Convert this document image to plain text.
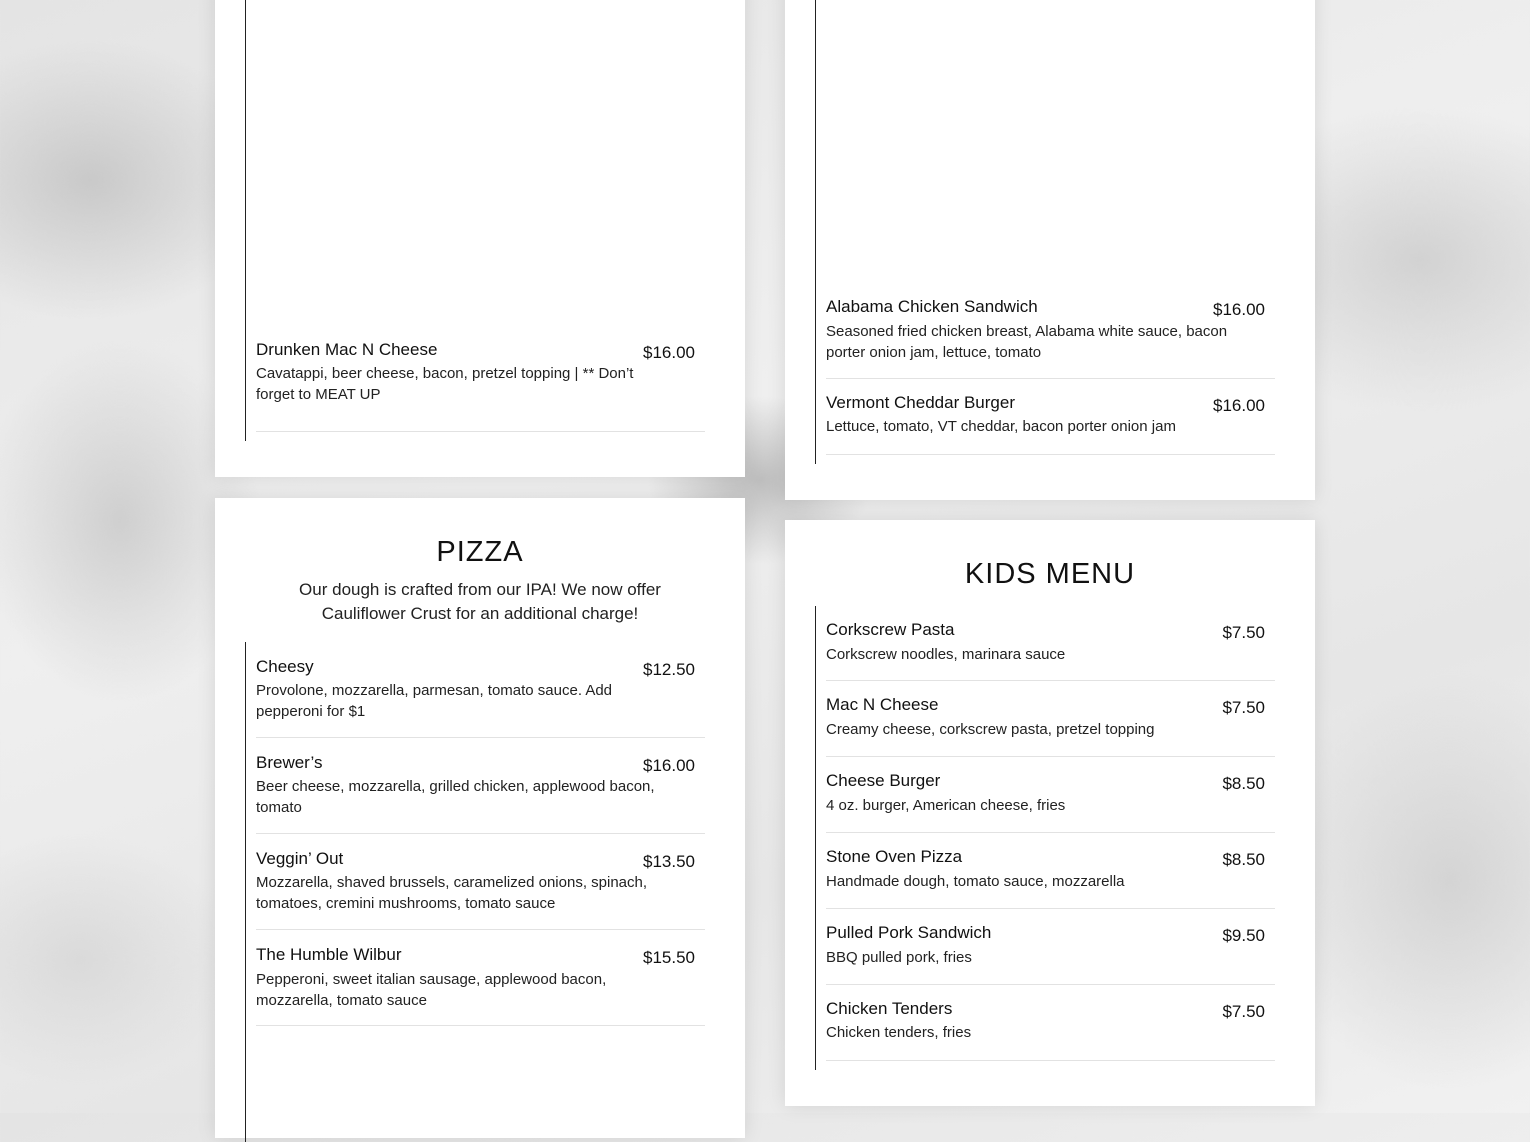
Drunken Mac N Cheese	$16.00
Cavatappi, beer cheese, bacon, pretzel topping | ** Don’t forget to MEAT UP
Alabama Chicken Sandwich	$16.00
Seasoned fried chicken breast, Alabama white sauce, bacon porter onion jam, lettuce, tomato
Vermont Cheddar Burger	$16.00
Lettuce, tomato, VT cheddar, bacon porter onion jam
PIZZA

Our dough is crafted from our IPA! We now offer Cauliflower Crust for an additional charge!

Cheesy	$12.50
Provolone, mozzarella, parmesan, tomato sauce. Add pepperoni for $1
Brewer’s	$16.00
Beer cheese, mozzarella, grilled chicken, applewood bacon, tomato
Veggin’ Out	$13.50
Mozzarella, shaved brussels, caramelized onions, spinach, tomatoes, cremini mushrooms, tomato sauce
The Humble Wilbur	$15.50
Pepperoni, sweet italian sausage, applewood bacon, mozzarella, tomato sauce
KIDS MENU
Corkscrew Pasta	$7.50
Corkscrew noodles, marinara sauce
Mac N Cheese	$7.50
Creamy cheese, corkscrew pasta, pretzel topping
Cheese Burger	$8.50
4 oz. burger, American cheese, fries
Stone Oven Pizza	$8.50
Handmade dough, tomato sauce, mozzarella
Pulled Pork Sandwich	$9.50
BBQ pulled pork, fries
Chicken Tenders	$7.50
Chicken tenders, fries
